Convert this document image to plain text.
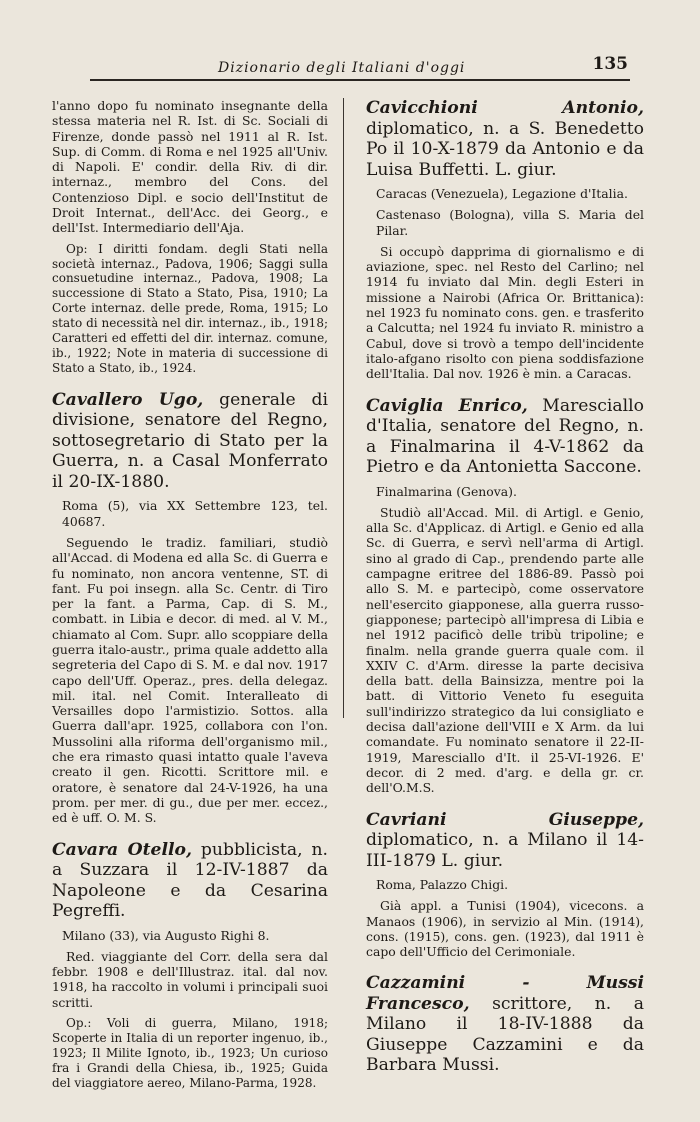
Dizionario degli Italiani d'oggi	135

l'anno dopo fu nominato insegnante della stessa materia nel R. Ist. di Sc. Sociali di Firenze, donde passò nel 1911 al R. Ist. Sup. di Comm. di Roma e nel 1925 all'Univ. di Napoli. E' condir. della Riv. di dir. internaz., membro del Cons. del Contenzioso Dipl. e socio dell'Institut de Droit Internat., dell'Acc. dei Georg., e dell'Ist. Intermediario dell'Aja.

Op: I diritti fondam. degli Stati nella società internaz., Padova, 1906; Saggi sulla consuetudine internaz., Padova, 1908; La successione di Stato a Stato, Pisa, 1910; La Corte internaz. delle prede, Roma, 1915; Lo stato di necessità nel dir. internaz., ib., 1918; Caratteri ed effetti del dir. internaz. comune, ib., 1922; Note in materia di successione di Stato a Stato, ib., 1924.

Cavallero Ugo, generale di divisione, senatore del Regno, sottosegretario di Stato per la Guerra, n. a Casal Monferrato il 20-IX-1880.

Roma (5), via XX Settembre 123, tel. 40687.

Seguendo le tradiz. familiari, studiò all'Accad. di Modena ed alla Sc. di Guerra e fu nominato, non ancora ventenne, ST. di fant. Fu poi insegn. alla Sc. Centr. di Tiro per la fant. a Parma, Cap. di S. M., combatt. in Libia e decor. di med. al V. M., chiamato al Com. Supr. allo scoppiare della guerra italo-austr., prima quale addetto alla segreteria del Capo di S. M. e dal nov. 1917 capo dell'Uff. Operaz., pres. della delegaz. mil. ital. nel Comit. Interalleato di Versailles dopo l'armistizio. Sottos. alla Guerra dall'apr. 1925, collabora con l'on. Mussolini alla riforma dell'organismo mil., che era rimasto quasi intatto quale l'aveva creato il gen. Ricotti. Scrittore mil. e oratore, è senatore dal 24-V-1926, ha una prom. per mer. di gu., due per mer. eccez., ed è uff. O. M. S.

Cavara Otello, pubblicista, n. a Suzzara il 12-IV-1887 da Napoleone e da Cesarina Pegreffi.

Milano (33), via Augusto Righi 8.

Red. viaggiante del Corr. della sera dal febbr. 1908 e dell'Illustraz. ital. dal nov. 1918, ha raccolto in volumi i principali suoi scritti.

Op.: Voli di guerra, Milano, 1918; Scoperte in Italia di un reporter ingenuo, ib., 1923; Il Milite Ignoto, ib., 1923; Un curioso fra i Grandi della Chiesa, ib., 1925; Guida del viaggiatore aereo, Milano-Parma, 1928.

Cavicchioni Antonio, diplomatico, n. a S. Benedetto Po il 10-X-1879 da Antonio e da Luisa Buffetti. L. giur.

Caracas (Venezuela), Legazione d'Italia.

Castenaso (Bologna), villa S. Maria del Pilar.

Si occupò dapprima di giornalismo e di aviazione, spec. nel Resto del Carlino; nel 1914 fu inviato dal Min. degli Esteri in missione a Nairobi (Africa Or. Brittanica): nel 1923 fu nominato cons. gen. e trasferito a Calcutta; nel 1924 fu inviato R. ministro a Cabul, dove si trovò a tempo dell'incidente italo-afgano risolto con piena soddisfazione dell'Italia. Dal nov. 1926 è min. a Caracas.

Caviglia Enrico, Maresciallo d'Italia, senatore del Regno, n. a Finalmarina il 4-V-1862 da Pietro e da Antonietta Saccone.

Finalmarina (Genova).

Studiò all'Accad. Mil. di Artigl. e Genio, alla Sc. d'Applicaz. di Artigl. e Genio ed alla Sc. di Guerra, e servì nell'arma di Artigl. sino al grado di Cap., prendendo parte alle campagne eritree del 1886-89. Passò poi allo S. M. e partecipò, come osservatore nell'esercito giapponese, alla guerra russo-giapponese; partecipò all'impresa di Libia e nel 1912 pacificò delle tribù tripoline; e finalm. nella grande guerra quale com. il XXIV C. d'Arm. diresse la parte decisiva della batt. della Bainsizza, mentre poi la batt. di Vittorio Veneto fu eseguita sull'indirizzo strategico da lui consigliato e decisa dall'azione dell'VIII e X Arm. da lui comandate. Fu nominato senatore il 22-II-1919, Maresciallo d'It. il 25-VI-1926. E' decor. di 2 med. d'arg. e della gr. cr. dell'O.M.S.

Cavriani Giuseppe, diplomatico, n. a Milano il 14-III-1879 L. giur.

Roma, Palazzo Chigi.

Già appl. a Tunisi (1904), vicecons. a Manaos (1906), in servizio al Min. (1914), cons. (1915), cons. gen. (1923), dal 1911 è capo dell'Ufficio del Cerimoniale.

Cazzamini - Mussi Francesco, scrittore, n. a Milano il 18-IV-1888 da Giuseppe Cazzamini e da Barbara Mussi.
